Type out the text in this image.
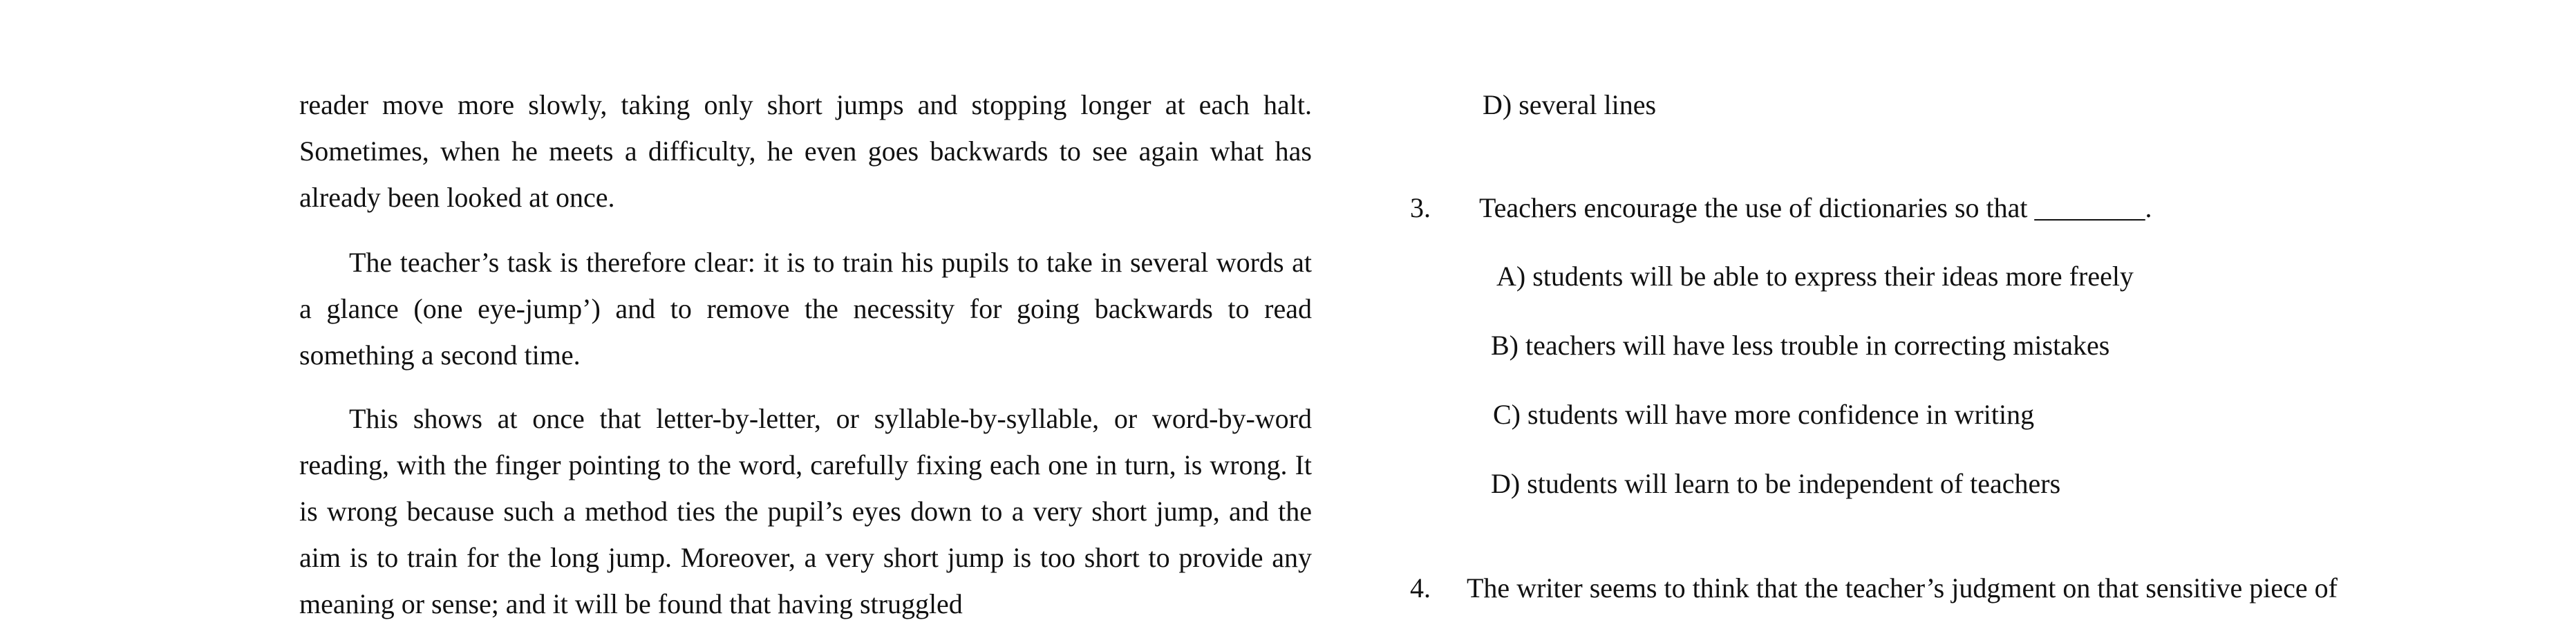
reader move more slowly, taking only short jumps and stopping longer at each halt. Sometimes, when he meets a difficulty, he even goes backwards to see again what has already been looked at once.

The teacher’s task is therefore clear: it is to train his pupils to take in several words at a glance (one eye-jump’) and to remove the necessity for going backwards to read something a second time.

This shows at once that letter-by-letter, or syllable-by-syllable, or word-by-word reading, with the finger pointing to the word, carefully fixing each one in turn, is wrong. It is wrong because such a method ties the pupil’s eyes down to a very short jump, and the aim is to train for the long jump. Moreover, a very short jump is too short to provide any meaning or sense; and it will be found that having struggled

D) several lines

3. Teachers encourage the use of dictionaries so that ________.

A) students will be able to express their ideas more freely

B) teachers will have less trouble in correcting mistakes

C) students will have more confidence in writing

D) students will learn to be independent of teachers

4. The writer seems to think that the teacher’s judgment on that sensitive piece of
